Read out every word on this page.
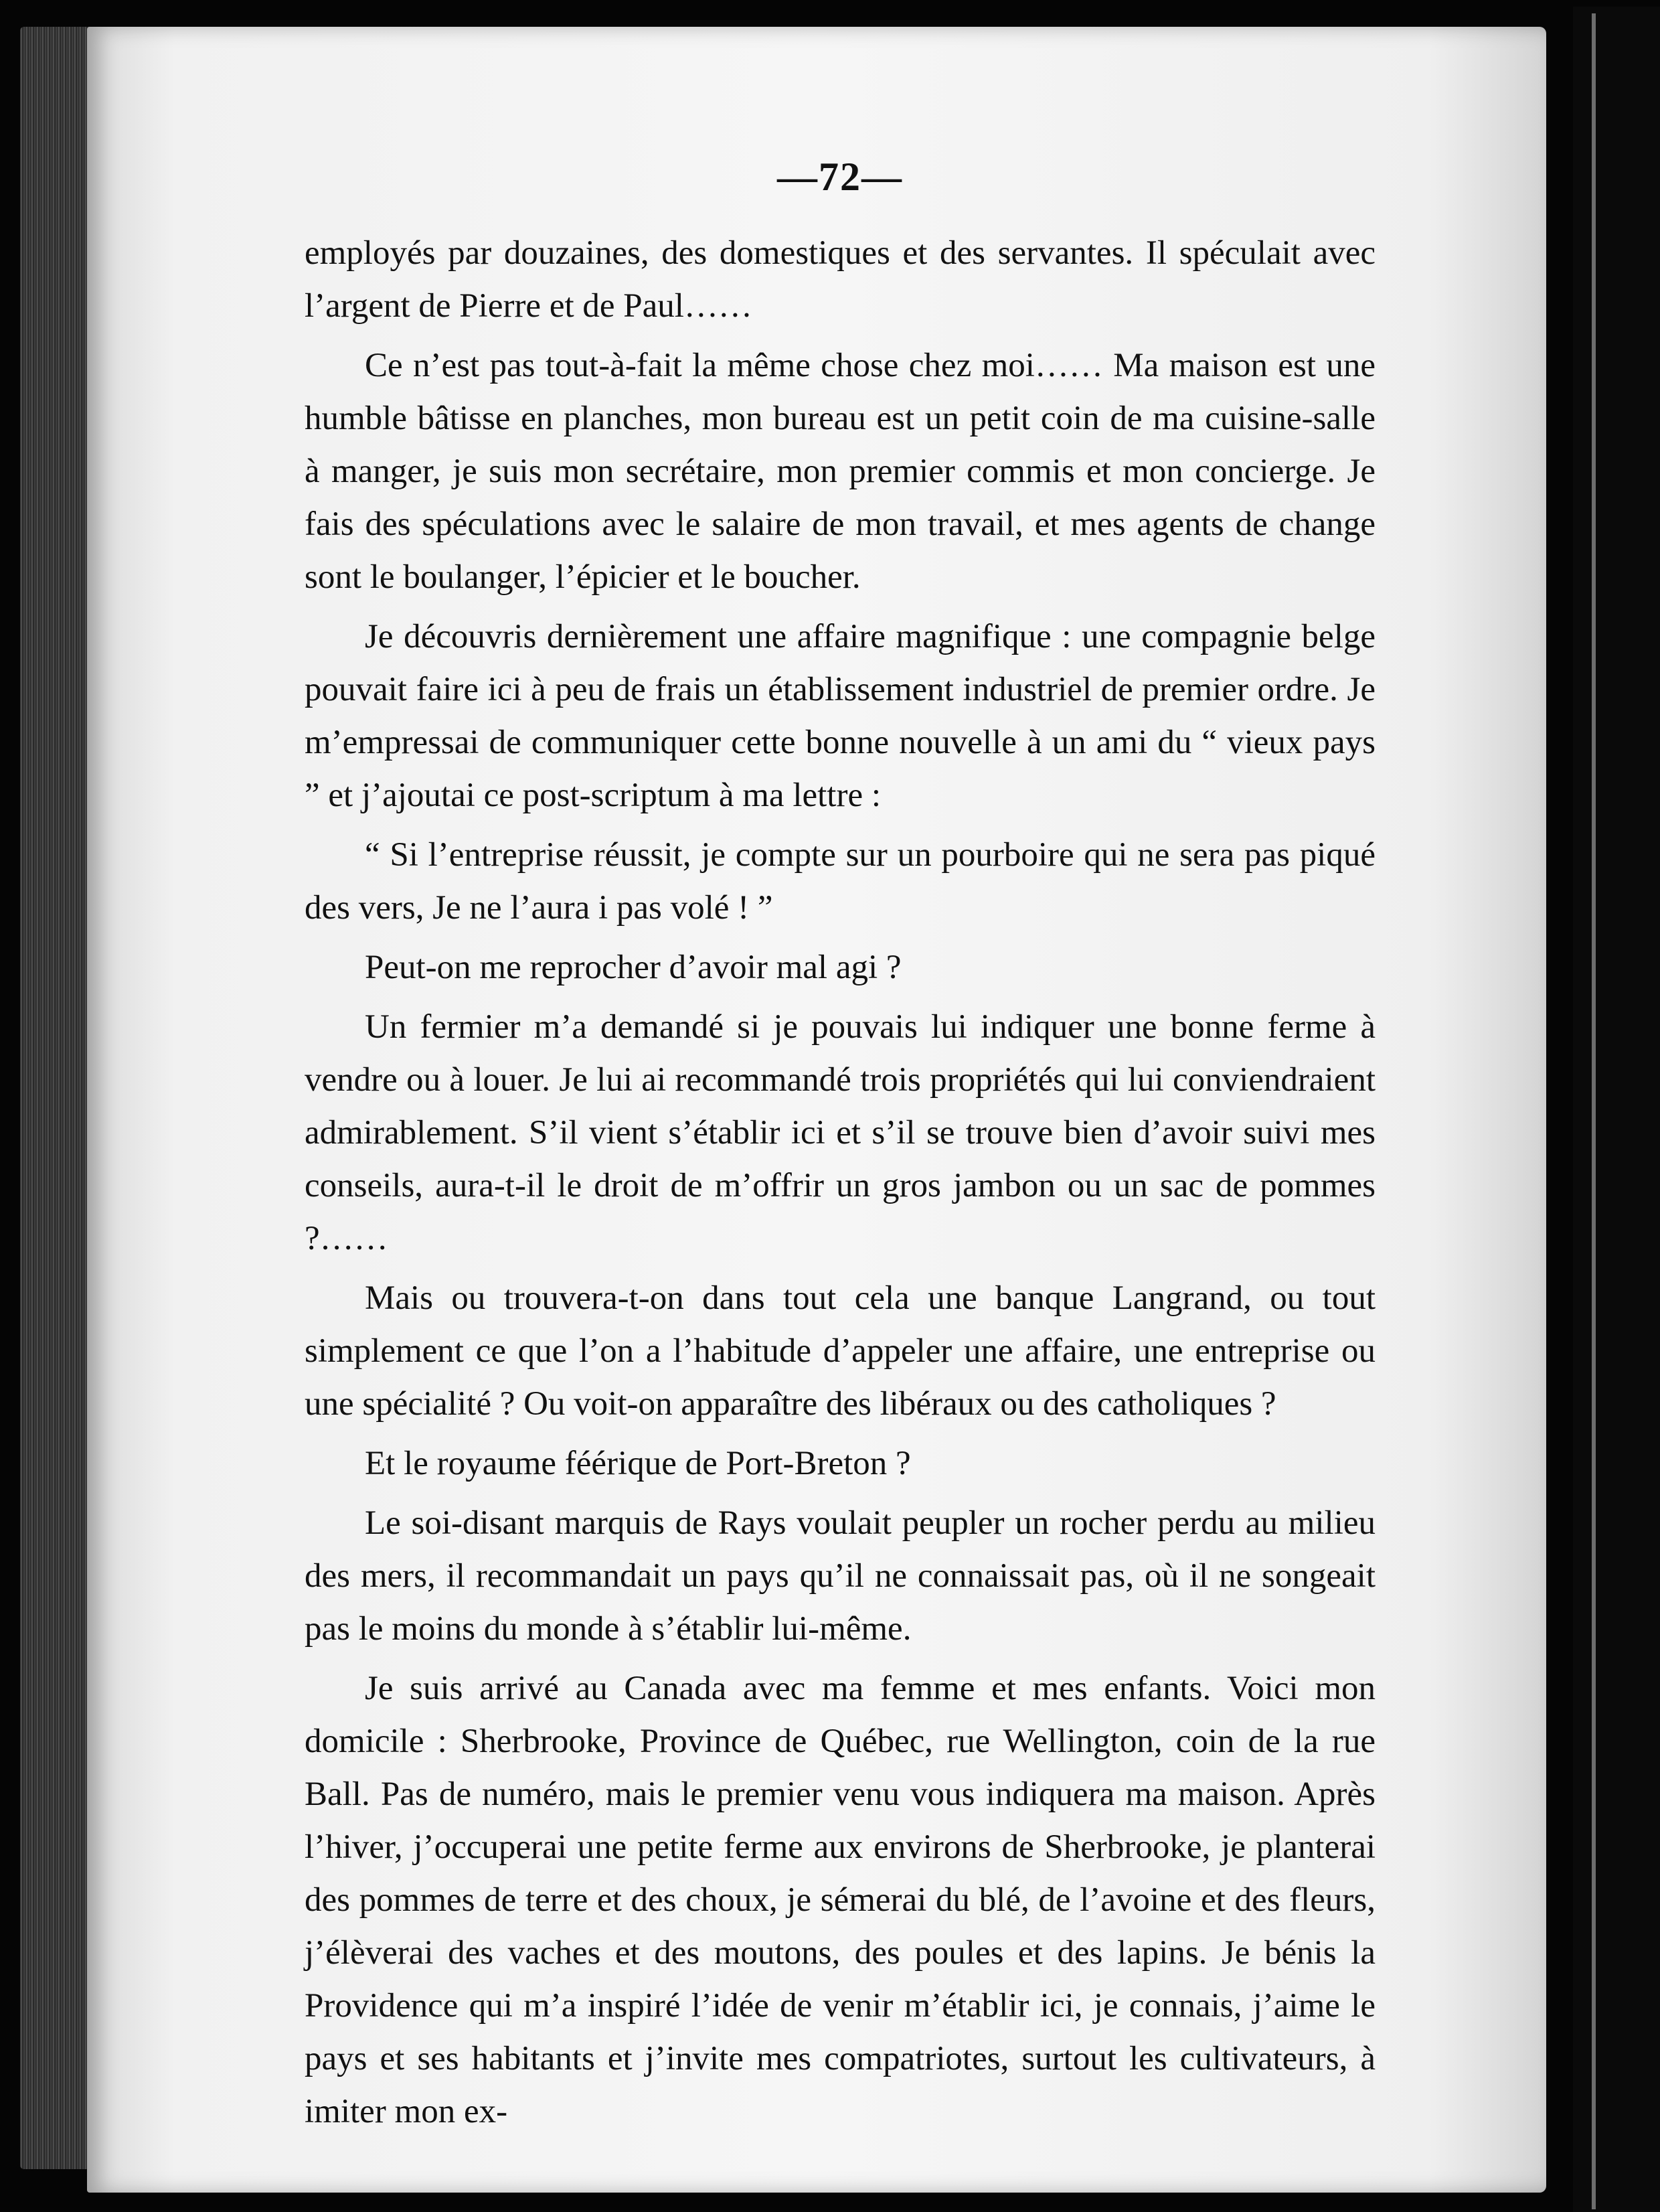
—72—

employés par douzaines, des domestiques et des servantes. Il spéculait avec l’argent de Pierre et de Paul……

Ce n’est pas tout-à-fait la même chose chez moi…… Ma maison est une humble bâtisse en planches, mon bureau est un petit coin de ma cuisine-salle à manger, je suis mon secrétaire, mon premier commis et mon concierge. Je fais des spéculations avec le salaire de mon travail, et mes agents de change sont le boulanger, l’épicier et le boucher.

Je découvris dernièrement une affaire magnifique : une compagnie belge pouvait faire ici à peu de frais un établissement industriel de premier ordre. Je m’empressai de communiquer cette bonne nouvelle à un ami du “ vieux pays ” et j’ajoutai ce post-scriptum à ma lettre :

“ Si l’entreprise réussit, je compte sur un pourboire qui ne sera pas piqué des vers, Je ne l’aura i pas volé ! ”

Peut-on me reprocher d’avoir mal agi ?

Un fermier m’a demandé si je pouvais lui indiquer une bonne ferme à vendre ou à louer. Je lui ai recommandé trois propriétés qui lui conviendraient admirablement. S’il vient s’établir ici et s’il se trouve bien d’avoir suivi mes conseils, aura-t-il le droit de m’offrir un gros jambon ou un sac de pommes ?……

Mais ou trouvera-t-on dans tout cela une banque Langrand, ou tout simplement ce que l’on a l’habitude d’appeler une affaire, une entreprise ou une spécialité ? Ou voit-on apparaître des libéraux ou des catholiques ?

Et le royaume féérique de Port-Breton ?

Le soi-disant marquis de Rays voulait peupler un rocher perdu au milieu des mers, il recommandait un pays qu’il ne connaissait pas, où il ne songeait pas le moins du monde à s’établir lui-même.

Je suis arrivé au Canada avec ma femme et mes enfants. Voici mon domicile : Sherbrooke, Province de Québec, rue Wellington, coin de la rue Ball. Pas de numéro, mais le premier venu vous indiquera ma maison. Après l’hiver, j’occuperai une petite ferme aux environs de Sherbrooke, je planterai des pommes de terre et des choux, je sémerai du blé, de l’avoine et des fleurs, j’élèverai des vaches et des moutons, des poules et des lapins. Je bénis la Providence qui m’a inspiré l’idée de venir m’établir ici, je connais, j’aime le pays et ses habitants et j’invite mes compatriotes, surtout les cultivateurs, à imiter mon ex-
